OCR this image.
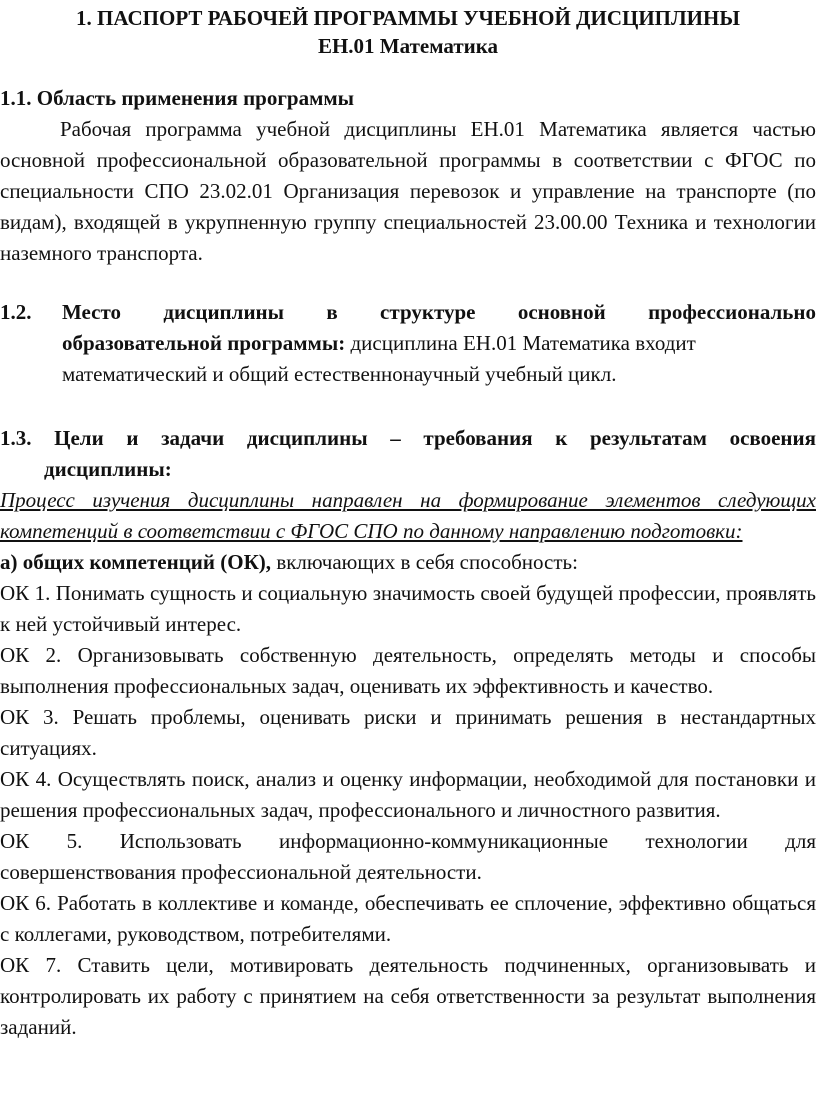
1. ПАСПОРТ РАБОЧЕЙ ПРОГРАММЫ УЧЕБНОЙ ДИСЦИПЛИНЫ
ЕН.01 Математика

1.1. Область применения программы

Рабочая программа учебной дисциплины ЕН.01 Математика является частью основной профессиональной образовательной программы в соответствии с ФГОС по специальности СПО 23.02.01 Организация перевозок и управление на транспорте (по видам), входящей в укрупненную группу специальностей 23.00.00 Техника и технологии наземного транспорта.

1.2.	Место дисциплины в структуре основной профессионально

образовательной программы: дисциплина ЕН.01 Математика входит

математический и общий естественнонаучный учебный цикл.

1.3. Цели и задачи дисциплины – требования к результатам освоения

дисциплины:

Процесс изучения дисциплины направлен на формирование элементов следующих компетенций в соответствии с ФГОС СПО по данному направлению подготовки:

а) общих компетенций (ОК), включающих в себя способность:

ОК 1. Понимать сущность и социальную значимость своей будущей профессии, проявлять к ней устойчивый интерес.

ОК 2. Организовывать собственную деятельность, определять методы и способы выполнения профессиональных задач, оценивать их эффективность и качество.

ОК 3. Решать проблемы, оценивать риски и принимать решения в нестандартных ситуациях.

ОК 4. Осуществлять поиск, анализ и оценку информации, необходимой для постановки и решения профессиональных задач, профессионального и личностного развития.

ОК 5. Использовать информационно-коммуникационные технологии для совершенствования профессиональной деятельности.

ОК 6. Работать в коллективе и команде, обеспечивать ее сплочение, эффективно общаться с коллегами, руководством, потребителями.

ОК 7. Ставить цели, мотивировать деятельность подчиненных, организовывать и контролировать их работу с принятием на себя ответственности за результат выполнения заданий.
